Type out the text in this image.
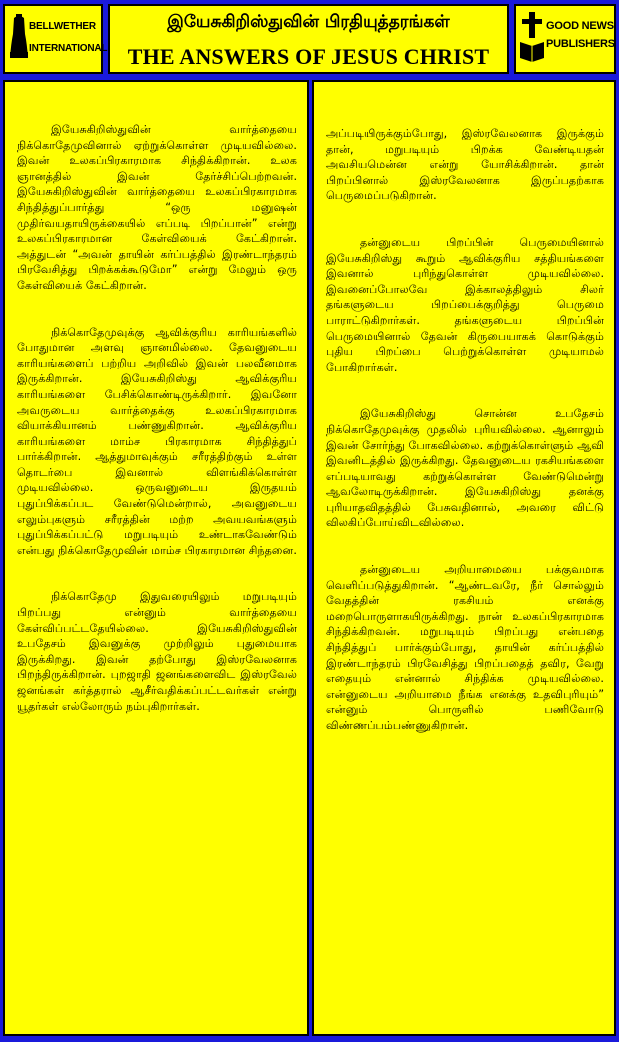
BELLWETHER
INTERNATIONAL
இயேசுகிறிஸ்துவின் பிரதியுத்தரங்கள்
THE ANSWERS OF JESUS CHRIST
GOOD NEWS
PUBLISHERS

இயேசுகிறிஸ்துவின் வார்த்தையை நிக்கொதேமுவினால் ஏற்றுக்கொள்ள முடியவில்லை. இவன் உலகப்பிரகாரமாக சிந்திக்கிறான். உலக ஞானத்தில் இவன் தேர்ச்சிப்பெற்றவன். இயேசுகிறிஸ்துவின் வார்த்தையை உலகப்பிரகாரமாக சிந்தித்துப்பார்த்து “ஒரு மனுஷன் முதிர்வயதாயிருக்கையில் எப்படி பிறப்பான்” என்று உலகப்பிரகாரமான கேள்வியைக் கேட்கிறான். அத்துடன் “அவன் தாயின் கர்ப்பத்தில் இரண்டாந்தரம் பிரவேசித்து பிறக்கக்கூடுமோ” என்று மேலும் ஒரு கேள்வியைக் கேட்கிறான்.

நிக்கொதேமுவுக்கு ஆவிக்குரிய காரியங்களில் போதுமான அளவு ஞானமில்லை. தேவனுடைய காரியங்களைப் பற்றிய அறிவில் இவன் பலவீனமாக இருக்கிறான். இயேசுகிறிஸ்து ஆவிக்குரிய காரியங்களை பேசிக்கொண்டிருக்கிறார். இவனோ அவருடைய வார்த்தைக்கு உலகப்பிரகாரமாக வியாக்கியானம் பண்ணுகிறான். ஆவிக்குரிய காரியங்களை மாம்ச பிரகாரமாக சிந்தித்துப் பார்க்கிறான். ஆத்துமாவுக்கும் சரீரத்திற்கும் உள்ள தொடர்பை இவனால் விளங்கிக்கொள்ள முடியவில்லை. ஒருவனுடைய இருதயம் புதுப்பிக்கப்பட வேண்டுமென்றால், அவனுடைய எலும்புகளும் சரீரத்தின் மற்ற அவயவங்களும் புதுப்பிக்கப்பட்டு மறுபடியும் உண்டாகவேண்டும் என்பது நிக்கொதேமுவின் மாம்ச பிரகாரமான சிந்தனை.

நிக்கொதேமு இதுவரையிலும் மறுபடியும் பிறப்பது என்னும் வார்த்தையை கேள்விப்பட்டதேயில்லை. இயேசுகிறிஸ்துவின் உபதேசம் இவனுக்கு முற்றிலும் புதுமையாக இருக்கிறது. இவன் தற்போது இஸ்ரவேலனாக பிறந்திருக்கிறான். புறஜாதி ஜனங்களைவிட இஸ்ரவேல் ஜனங்கள் கர்த்தரால் ஆசீர்வதிக்கப்பட்டவர்கள் என்று யூதர்கள் எல்லோரும் நம்புகிறார்கள்.

அப்படியிருக்கும்போது, இஸ்ரவேலனாக இருக்கும் தான், மறுபடியும் பிறக்க வேண்டியதன் அவசியமென்ன என்று யோசிக்கிறான். தான் பிறப்பினால் இஸ்ரவேலனாக இருப்பதற்காக பெருமைப்படுகிறான்.

தன்னுடைய பிறப்பின் பெருமையினால் இயேசுகிறிஸ்து கூறும் ஆவிக்குரிய சத்தியங்களை இவனால் புரிந்துகொள்ள முடியவில்லை. இவனைப்போலவே இக்காலத்திலும் சிலர் தங்களுடைய பிறப்பைக்குறித்து பெருமை பாராட்டுகிறார்கள். தங்களுடைய பிறப்பின் பெருமையினால் தேவன் கிருபையாகக் கொடுக்கும் புதிய பிறப்பை பெற்றுக்கொள்ள முடியாமல் போகிறார்கள்.

இயேசுகிறிஸ்து சொன்ன உபதேசம் நிக்கொதேமுவுக்கு முதலில் புரியவில்லை. ஆனாலும் இவன் சோர்ந்து போகவில்லை. கற்றுக்கொள்ளும் ஆவி இவனிடத்தில் இருக்கிறது. தேவனுடைய ரகசியங்களை எப்படியாவது கற்றுக்கொள்ள வேண்டுமென்று ஆவலோடிருக்கிறான். இயேசுகிறிஸ்து தனக்கு புரியாதவிதத்தில் பேசுவதினால், அவரை விட்டு விலகிப்போய்விடவில்லை.

தன்னுடைய அறியாமையை பக்குவமாக வெளிப்படுத்துகிறான். “ஆண்டவரே, நீர் சொல்லும் வேதத்தின் ரகசியம் எனக்கு மறைபொருளாகயிருக்கிறது. நான் உலகப்பிரகாரமாக சிந்திக்கிறவன். மறுபடியும் பிறப்பது என்பதை சிந்தித்துப் பார்க்கும்போது, தாயின் கர்ப்பத்தில் இரண்டாந்தரம் பிரவேசித்து பிறப்பதைத் தவிர, வேறு எதையும் என்னால் சிந்திக்க முடியவில்லை. என்னுடைய அறியாமை நீங்க எனக்கு உதவிபுரியும்” என்னும் பொருளில் பணிவோடு விண்ணப்பம்பண்ணுகிறான்.
